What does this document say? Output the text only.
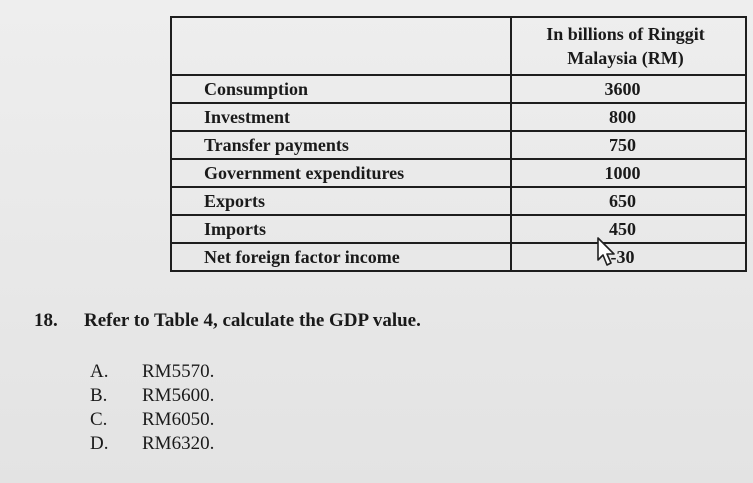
	In billions of Ringgit Malaysia (RM)
Consumption	3600
Investment	800
Transfer payments	750
Government expenditures	1000
Exports	650
Imports	450
Net foreign factor income	-30
18. Refer to Table 4, calculate the GDP value.
A. RM5570.
B. RM5600.
C. RM6050.
D. RM6320.
